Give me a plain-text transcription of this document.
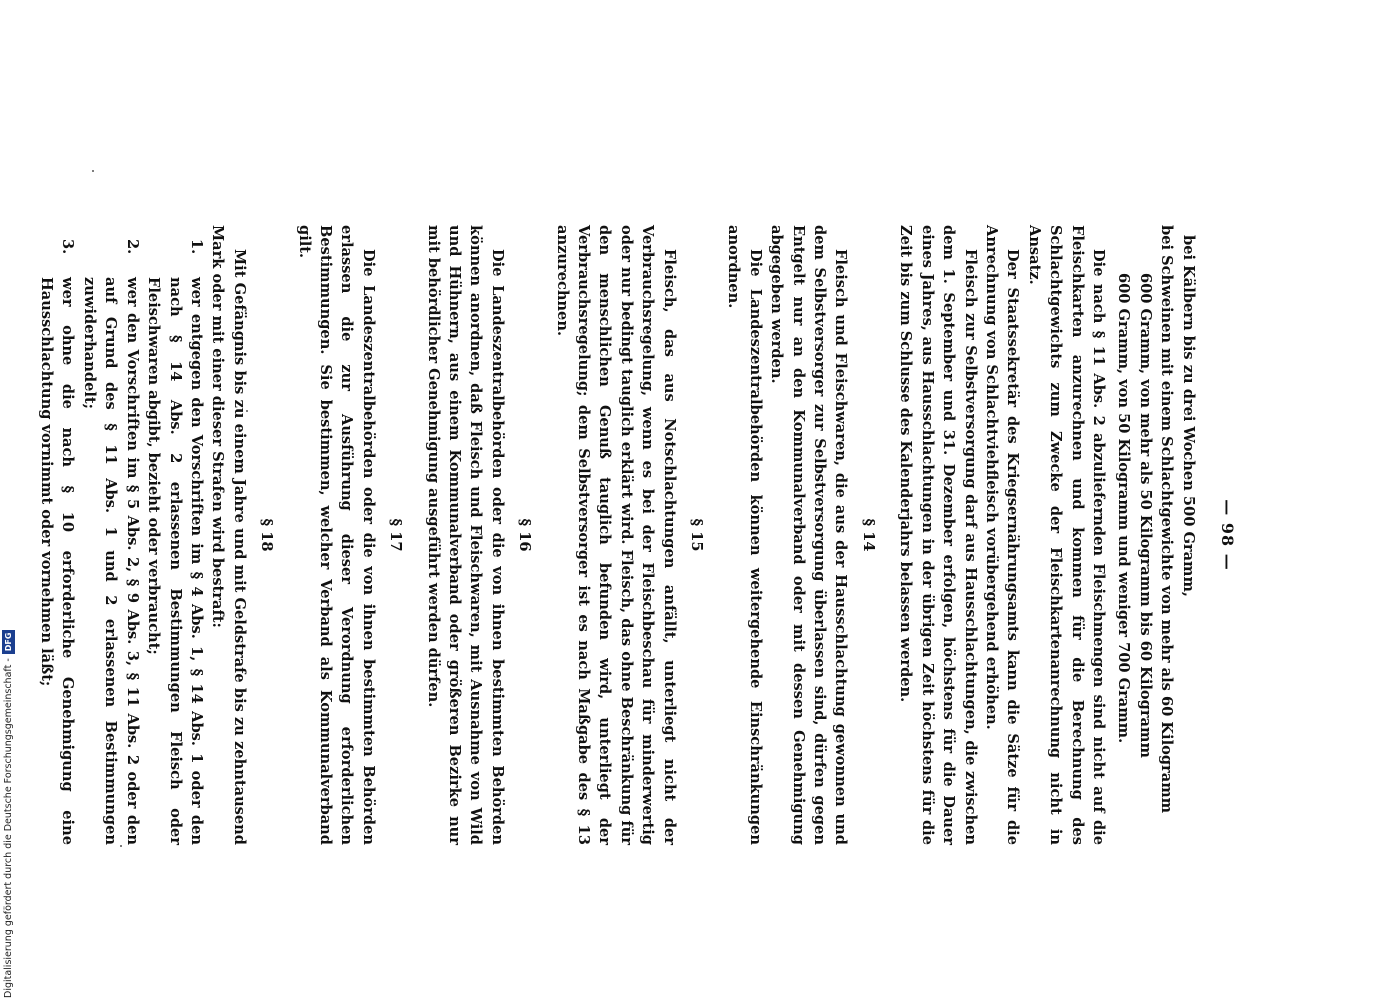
Digitalisierung gefördert durch die Deutsche Forschungsgemeinschaft -
DFG
— 98 —

bei Kälbern bis zu drei Wochen 500 Gramm,

bei Schweinen mit einem Schlachtgewichte von mehr als 60 Kilogramm

600 Gramm, von mehr als 50 Kilogramm bis 60 Kilogramm

600 Gramm, von 50 Kilogramm und weniger 700 Gramm.

Die nach § 11 Abs. 2 abzuliefernden Fleischmengen sind nicht auf die Fleischkarten anzurechnen und kommen für die Berechnung des Schlachtgewichts zum Zwecke der Fleischkartenanrechnung nicht in Ansatz.

Der Staatssekretär des Kriegsernährungsamts kann die Sätze für die Anrechnung von Schlachtviehfleisch vorübergehend erhöhen.

Fleisch zur Selbstversorgung darf aus Hausschlachtungen, die zwischen dem 1. September und 31. Dezember erfolgen, höchstens für die Dauer eines Jahres, aus Hausschlachtungen in der übrigen Zeit höchstens für die Zeit bis zum Schlusse des Kalenderjahrs belassen werden.

§ 14

Fleisch und Fleischwaren, die aus der Hausschlachtung gewonnen und dem Selbstversorger zur Selbstversorgung überlassen sind, dürfen gegen Entgelt nur an den Kommunalverband oder mit dessen Genehmigung abgegeben werden.

Die Landeszentralbehörden können weitergehende Einschränkungen anordnen.

§ 15

Fleisch, das aus Notschlachtungen anfällt, unterliegt nicht der Verbrauchsregelung, wenn es bei der Fleischbeschau für minderwertig oder nur bedingt tauglich erklärt wird. Fleisch, das ohne Beschränkung für den menschlichen Genuß tauglich befunden wird, unterliegt der Verbrauchsregelung; dem Selbstversorger ist es nach Maßgabe des § 13 anzurechnen.

§ 16

Die Landeszentralbehörden oder die von ihnen bestimmten Behörden können anordnen, daß Fleisch und Fleischwaren, mit Ausnahme von Wild und Hühnern, aus einem Kommunalverband oder größeren Bezirke nur mit behördlicher Genehmigung ausgeführt werden dürfen.

§ 17

Die Landeszentralbehörden oder die von ihnen bestimmten Behörden erlassen die zur Ausführung dieser Verordnung erforderlichen Bestimmungen. Sie bestimmen, welcher Verband als Kommunalverband gilt.

§ 18

Mit Gefängnis bis zu einem Jahre und mit Geldstrafe bis zu zehntausend Mark oder mit einer dieser Strafen wird bestraft:

1.
wer entgegen den Vorschriften im § 4 Abs. 1, § 14 Abs. 1 oder den nach § 14 Abs. 2 erlassenen Bestimmungen Fleisch oder Fleischwaren abgibt, bezieht oder verbraucht;
2.
wer den Vorschriften im § 5 Abs. 2, § 9 Abs. 3, § 11 Abs. 2 oder den auf Grund des § 11 Abs. 1 und 2 erlassenen Bestimmungen zuwiderhandelt;
3.
wer ohne die nach § 10 erforderliche Genehmigung eine Hausschlachtung vornimmt oder vornehmen läßt;
